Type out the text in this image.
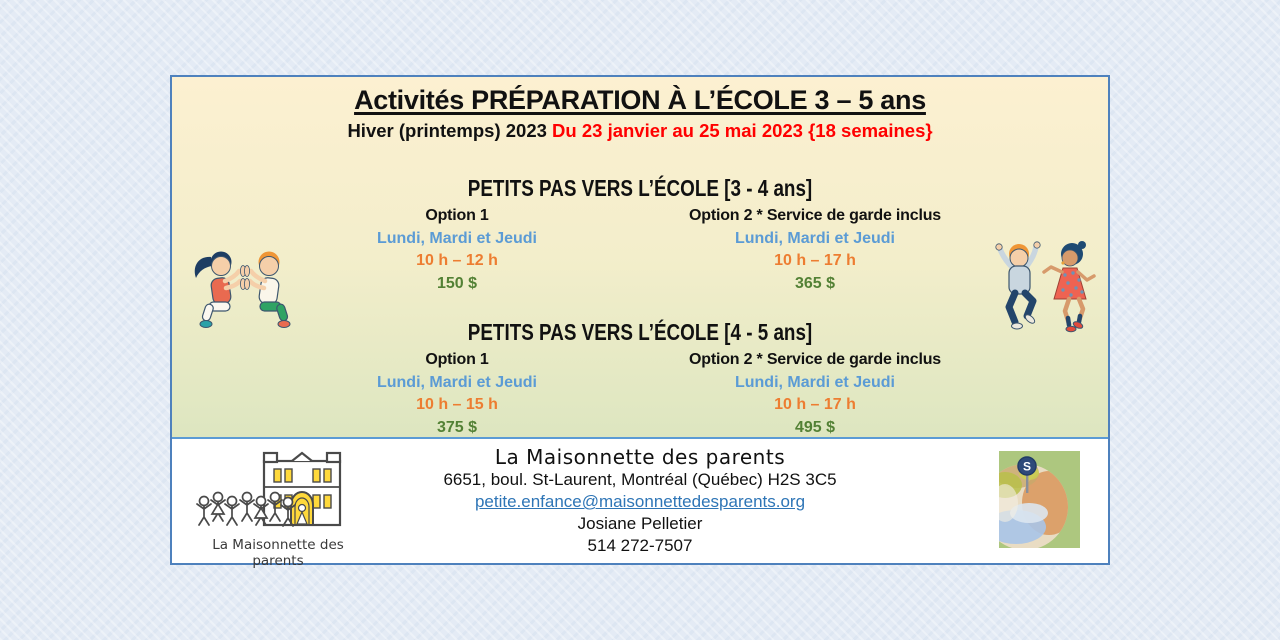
Activités PRÉPARATION À L’ÉCOLE 3 – 5 ans
Hiver (printemps) 2023 Du 23 janvier au 25 mai 2023 {18 semaines}
PETITS PAS VERS L’ÉCOLE [3 - 4 ans]
Option 1
Lundi, Mardi et Jeudi
10 h – 12 h
150 $
Option 2 * Service de garde inclus
Lundi, Mardi et Jeudi
10 h – 17 h
365 $
PETITS PAS VERS L’ÉCOLE [4 - 5 ans]
Option 1
Lundi, Mardi et Jeudi
10 h – 15 h
375 $
Option 2 * Service de garde inclus
Lundi, Mardi et Jeudi
10 h – 17 h
495 $
La Maisonnette des parents
La Maisonnette des parents
6651, boul. St-Laurent, Montréal (Québec) H2S 3C5
petite.enfance@maisonnettedesparents.org
Josiane Pelletier
514 272-7507
S
